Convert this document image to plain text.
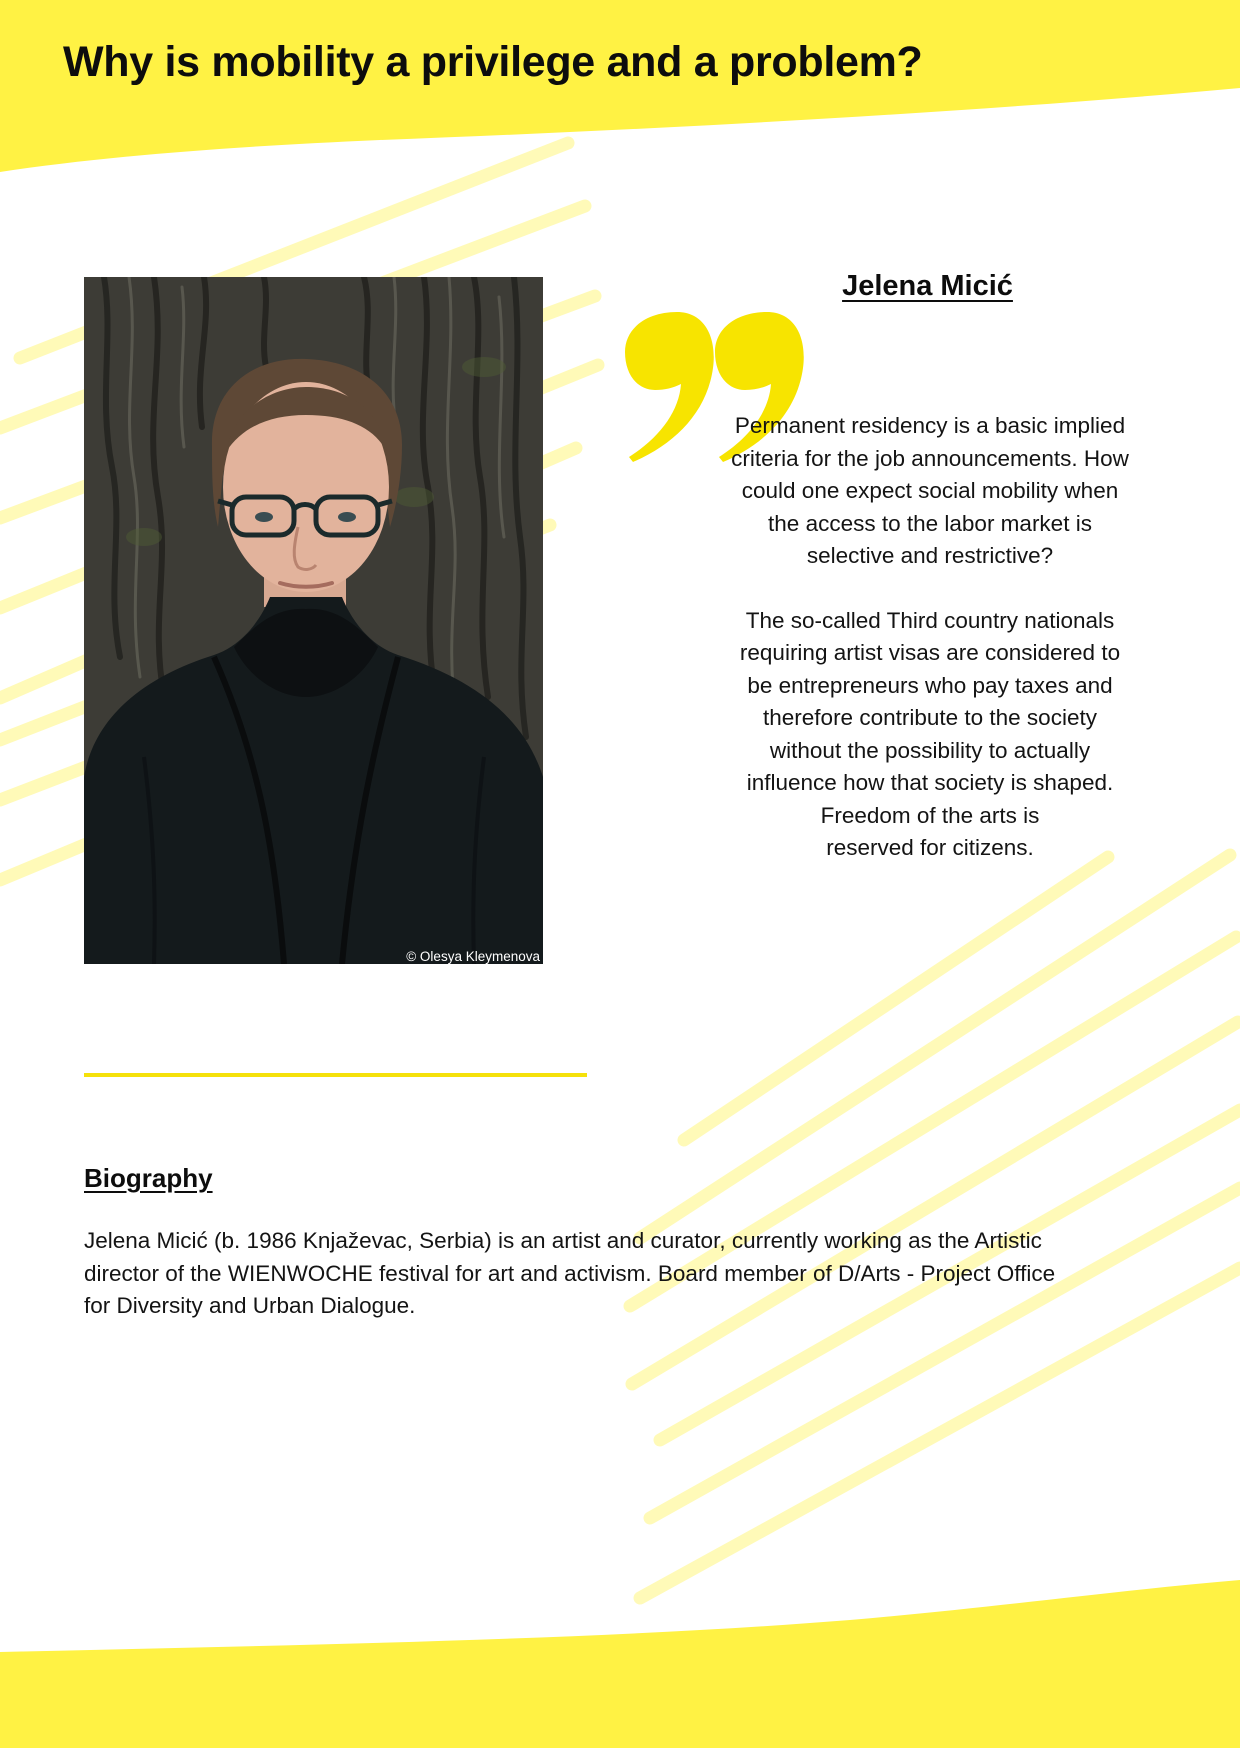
Why is mobility a privilege and a problem?
© Olesya Kleymenova
Jelena Micić

Permanent residency is a basic implied
criteria for the job announcements. How
could one expect social mobility when
the access to the labor market is
selective and restrictive?

The so-called Third country nationals
requiring artist visas are considered to
be entrepreneurs who pay taxes and
therefore contribute to the society
without the possibility to actually
influence how that society is shaped.
Freedom of the arts is
reserved for citizens.

Biography
Jelena Micić (b. 1986 Knjaževac, Serbia) is an artist and curator, currently working as the Artistic
director of the WIENWOCHE festival for art and activism. Board member of D/Arts - Project Office
for Diversity and Urban Dialogue.
